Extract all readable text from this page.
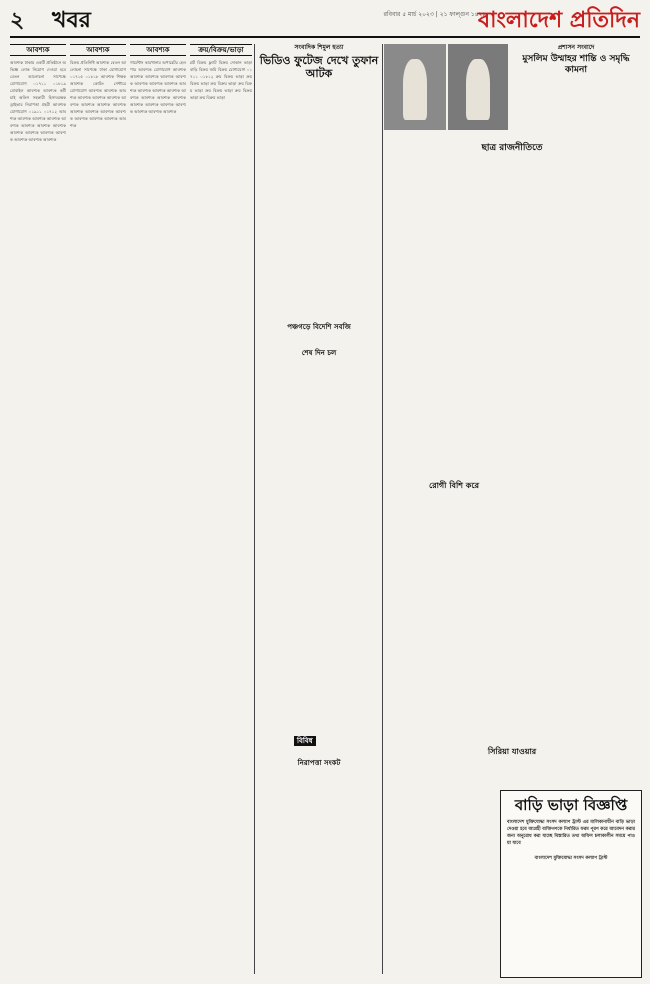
২ খবর	রবিবার ৫ মার্চ ২০২৩ | ২১ ফাল্গুন ১৪২৯
বাংলাদেশ প্রতিদিন
আবশ্যক
আবশ্যক ঢাকায় একটি প্রতিষ্ঠানে অভিজ্ঞ লোক নিয়োগ দেওয়া হবে বেতন আলোচনা সাপেক্ষে যোগাযোগ ০১৭১১ ০১৮১৯ মোবাইল আবশ্যক আবশ্যক কর্মী চাই অফিস সহকারী হিসাবরক্ষক ড্রাইভার নিরাপত্তা প্রহরী আবশ্যক যোগাযোগ ০১৯১১ ০১৭১২ আবশ্যক আবশ্যক আবশ্যক আবশ্যক আবশ্যক আবশ্যক আবশ্যক আবশ্যক আবশ্যক আবশ্যক আবশ্যক আবশ্যক আবশ্যক আবশ্যক আবশ্যক
আবশ্যক
বিক্রয় প্রতিনিধি আবশ্যক বেতন আলোচনা সাপেক্ষে ঢাকা যোগাযোগ ০১৭১৫ ০১৮১৮ আবশ্যক শিক্ষক আবশ্যক কোচিং সেন্টারে যোগাযোগ আবশ্যক আবশ্যক আবশ্যক আবশ্যক আবশ্যক আবশ্যক আবশ্যক আবশ্যক আবশ্যক আবশ্যক আবশ্যক আবশ্যক আবশ্যক আবশ্যক আবশ্যক আবশ্যক আবশ্যক আবশ্যক
আবশ্যক
গার্মেন্টস কারখানায় অপারেটর হেলপার আবশ্যক যোগাযোগ আবশ্যক আবশ্যক আবশ্যক আবশ্যক আবশ্যক আবশ্যক আবশ্যক আবশ্যক আবশ্যক আবশ্যক আবশ্যক আবশ্যক আবশ্যক আবশ্যক আবশ্যক আবশ্যক আবশ্যক আবশ্যক আবশ্যক আবশ্যক আবশ্যক আবশ্যক আবশ্যক
ক্রয়/বিক্রয়/ভাড়া
প্লট বিক্রয় ফ্ল্যাট বিক্রয় দোকান ভাড়া বাড়ি বিক্রয় জমি বিক্রয় যোগাযোগ ০১৭১১ ০১৮১২ ক্রয় বিক্রয় ভাড়া ক্রয় বিক্রয় ভাড়া ক্রয় বিক্রয় ভাড়া ক্রয় বিক্রয় ভাড়া ক্রয় বিক্রয় ভাড়া ক্রয় বিক্রয় ভাড়া ক্রয় বিক্রয় ভাড়া
সংবাদিক শিমুল হত্যা
ভিডিও ফুটেজ দেখে তুফান আটক
প্রশাসন সংবাদে
মুসলিম উম্মাহর শান্তি ও সমৃদ্ধি কামনা
ছাত্র রাজনীতিতে
পঞ্চগড়ে বিদেশি সবজি
শেষ দিন চল
রোগী বিশি করে
সিরিয়া যাওয়ার
নিরাপত্তা সংকট
বিবিধ
বাড়ি ভাড়া বিজ্ঞপ্তি
বাংলাদেশ মুক্তিযোদ্ধা সংসদ কল্যাণ ট্রাস্ট এর মালিকানাধীন বাড়ি ভাড়া দেওয়া হবে আগ্রহী ব্যক্তিগণকে নির্ধারিত ফরম পূরণ করে আবেদন করার জন্য অনুরোধ করা যাচ্ছে বিস্তারিত তথ্য অফিস চলাকালীন সময়ে পাওয়া যাবে
বাংলাদেশ মুক্তিযোদ্ধা সংসদ কল্যাণ ট্রাস্ট
